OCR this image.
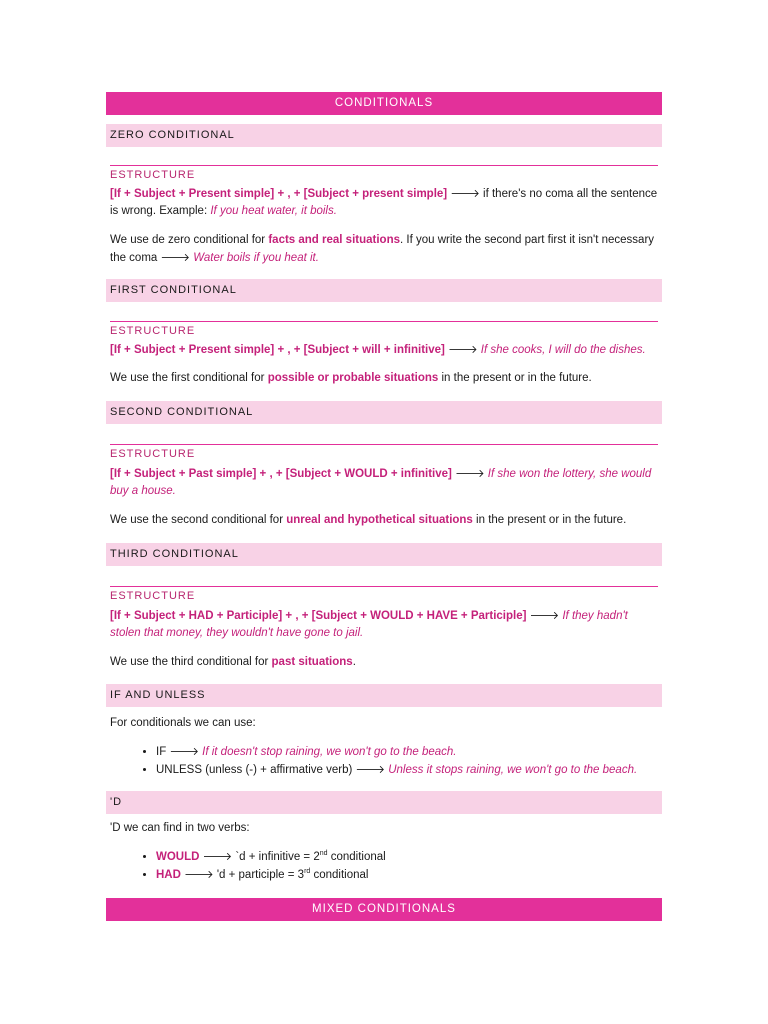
CONDITIONALS
ZERO CONDITIONAL
ESTRUCTURE

[If + Subject + Present simple] + , + [Subject + present simple] 🡒 if there's no coma all the sentence is wrong. Example: If you heat water, it boils.

We use de zero conditional for facts and real situations. If you write the second part first it isn't necessary the coma 🡒 Water boils if you heat it.

FIRST CONDITIONAL
ESTRUCTURE

[If + Subject + Present simple] + , + [Subject + will + infinitive] 🡒 If she cooks, I will do the dishes.

We use the first conditional for possible or probable situations in the present or in the future.

SECOND CONDITIONAL
ESTRUCTURE

[If + Subject + Past simple] + , + [Subject + WOULD + infinitive] 🡒 If she won the lottery, she would buy a house.

We use the second conditional for unreal and hypothetical situations in the present or in the future.

THIRD CONDITIONAL
ESTRUCTURE

[If + Subject + HAD + Participle] + , + [Subject + WOULD + HAVE + Participle] 🡒 If they hadn't stolen that money, they wouldn't have gone to jail.

We use the third conditional for past situations.

IF AND UNLESS

For conditionals we can use:

• IF 🡒 If it doesn't stop raining, we won't go to the beach.
• UNLESS (unless (-) + affirmative verb) 🡒 Unless it stops raining, we won't go to the beach.
'D

'D we can find in two verbs:

• WOULD 🡒 `d + infinitive = 2nd conditional
• HAD 🡒 'd + participle = 3rd conditional
MIXED CONDITIONALS
